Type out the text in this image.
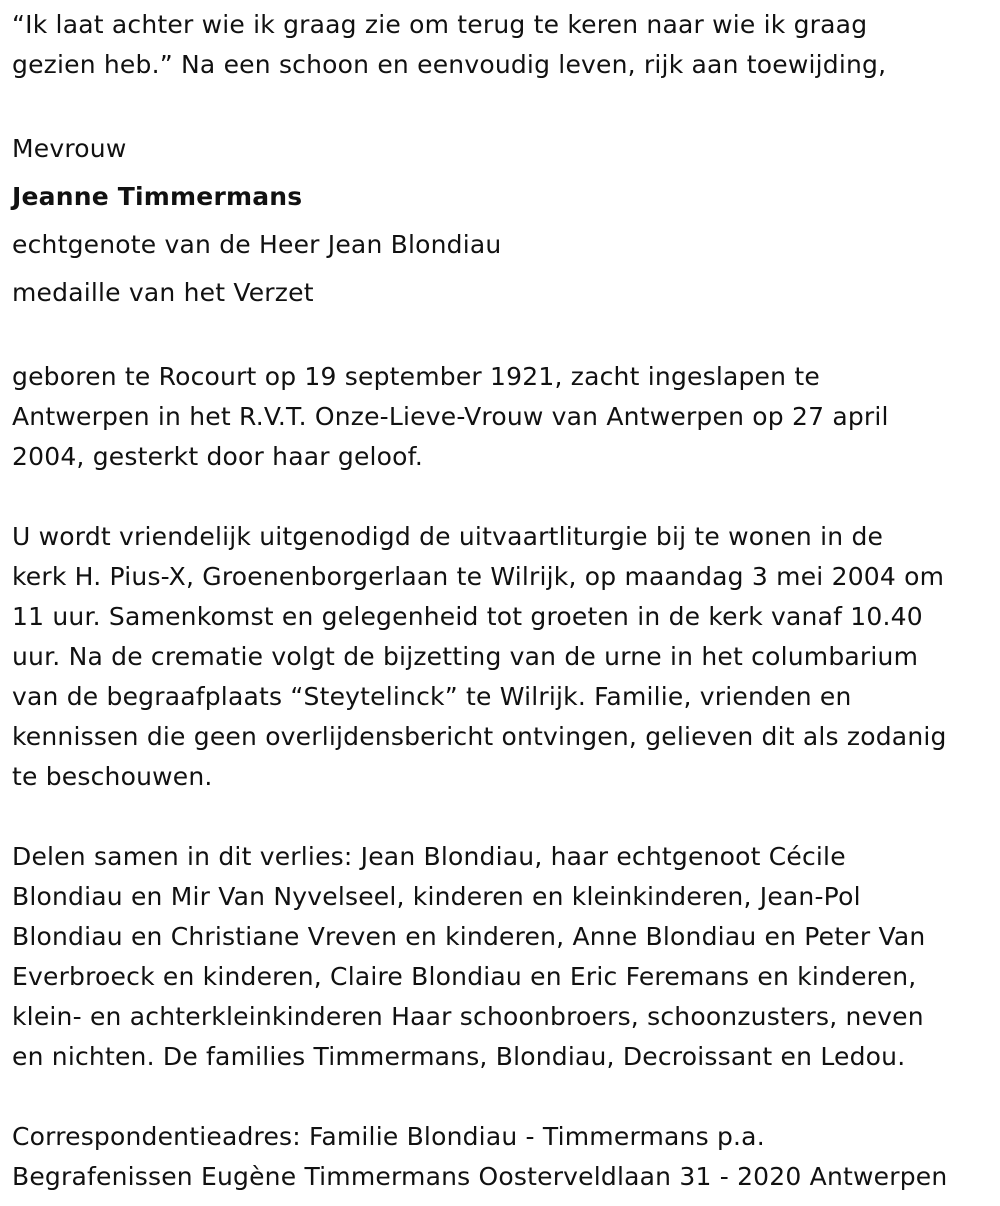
“Ik laat achter wie ik graag zie om terug te keren naar wie ik graag
gezien heb.” Na een schoon en eenvoudig leven, rijk aan toewijding,

Mevrouw

Jeanne Timmermans

echtgenote van de Heer Jean Blondiau

medaille van het Verzet

geboren te Rocourt op 19 september 1921, zacht ingeslapen te
Antwerpen in het R.V.T. Onze-Lieve-Vrouw van Antwerpen op 27 april
2004, gesterkt door haar geloof.

U wordt vriendelijk uitgenodigd de uitvaartliturgie bij te wonen in de
kerk H. Pius-X, Groenenborgerlaan te Wilrijk, op maandag 3 mei 2004 om
11 uur. Samenkomst en gelegenheid tot groeten in de kerk vanaf 10.40
uur. Na de crematie volgt de bijzetting van de urne in het columbarium
van de begraafplaats “Steytelinck” te Wilrijk. Familie, vrienden en
kennissen die geen overlijdensbericht ontvingen, gelieven dit als zodanig
te beschouwen.

Delen samen in dit verlies: Jean Blondiau, haar echtgenoot Cécile
Blondiau en Mir Van Nyvelseel, kinderen en kleinkinderen, Jean-Pol
Blondiau en Christiane Vreven en kinderen, Anne Blondiau en Peter Van
Everbroeck en kinderen, Claire Blondiau en Eric Feremans en kinderen,
klein- en achterkleinkinderen Haar schoonbroers, schoonzusters, neven
en nichten. De families Timmermans, Blondiau, Decroissant en Ledou.

Correspondentieadres: Familie Blondiau - Timmermans p.a.
Begrafenissen Eugène Timmermans Oosterveldlaan 31 - 2020 Antwerpen
